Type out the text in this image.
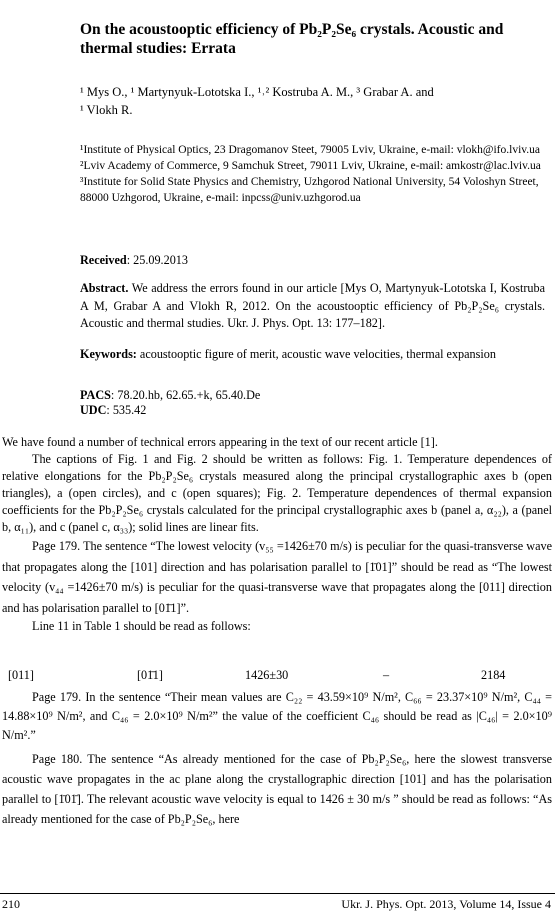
On the acoustooptic efficiency of Pb₂P₂Se₆ crystals. Acoustic and thermal studies: Errata
¹ Mys O., ¹ Martynyuk-Lototska I., ¹˒² Kostruba A. M., ³ Grabar A. and
¹ Vlokh R.
¹Institute of Physical Optics, 23 Dragomanov Steet, 79005 Lviv, Ukraine, e-mail: vlokh@ifo.lviv.ua
²Lviv Academy of Commerce, 9 Samchuk Street, 79011 Lviv, Ukraine, e-mail: amkostr@lac.lviv.ua
³Institute for Solid State Physics and Chemistry, Uzhgorod National University, 54 Voloshyn Street, 88000 Uzhgorod, Ukraine, e-mail: inpcss@univ.uzhgorod.ua
Received: 25.09.2013
Abstract. We address the errors found in our article [Mys O, Martynyuk-Lototska I, Kostruba A M, Grabar A and Vlokh R, 2012. On the acoustooptic efficiency of Pb₂P₂Se₆ crystals. Acoustic and thermal studies. Ukr. J. Phys. Opt. 13: 177–182].
Keywords: acoustooptic figure of merit, acoustic wave velocities, thermal expansion
PACS: 78.20.hb, 62.65.+k, 65.40.De
UDC: 535.42

We have found a number of technical errors appearing in the text of our recent article [1].

The captions of Fig. 1 and Fig. 2 should be written as follows: Fig. 1. Temperature dependences of relative elongations for the Pb₂P₂Se₆ crystals measured along the principal crystallographic axes b (open triangles), a (open circles), and c (open squares); Fig. 2. Temperature dependences of thermal expansion coefficients for the Pb₂P₂Se₆ crystals calculated for the principal crystallographic axes b (panel a, α₂₂), a (panel b, α₁₁), and c (panel c, α₃₃); solid lines are linear fits.

Page 179. The sentence “The lowest velocity (v₅₅ =1426±70 m/s) is peculiar for the quasi-transverse wave that propagates along the [101] direction and has polarisation parallel to [1̄01]” should be read as “The lowest velocity (v₄₄ =1426±70 m/s) is peculiar for the quasi-transverse wave that propagates along the [011] direction and has polarisation parallel to [01̄1]”.

Line 11 in Table 1 should be read as follows:

[011]	[01̄1]	1426±30	–	2184

Page 179. In the sentence “Their mean values are C₂₂ = 43.59×10⁹ N/m², C₆₆ = 23.37×10⁹ N/m², C₄₄ = 14.88×10⁹ N/m², and C₄₆ = 2.0×10⁹ N/m²” the value of the coefficient C₄₆ should be read as |C₄₆| = 2.0×10⁹ N/m².”

Page 180. The sentence “As already mentioned for the case of Pb₂P₂Se₆, here the slowest transverse acoustic wave propagates in the ac plane along the crystallographic direction [101] and has the polarisation parallel to [1̄01̄]. The relevant acoustic wave velocity is equal to 1426 ± 30 m/s ” should be read as follows: “As already mentioned for the case of Pb₂P₂Se₆, here

210	Ukr. J. Phys. Opt. 2013, Volume 14, Issue 4
